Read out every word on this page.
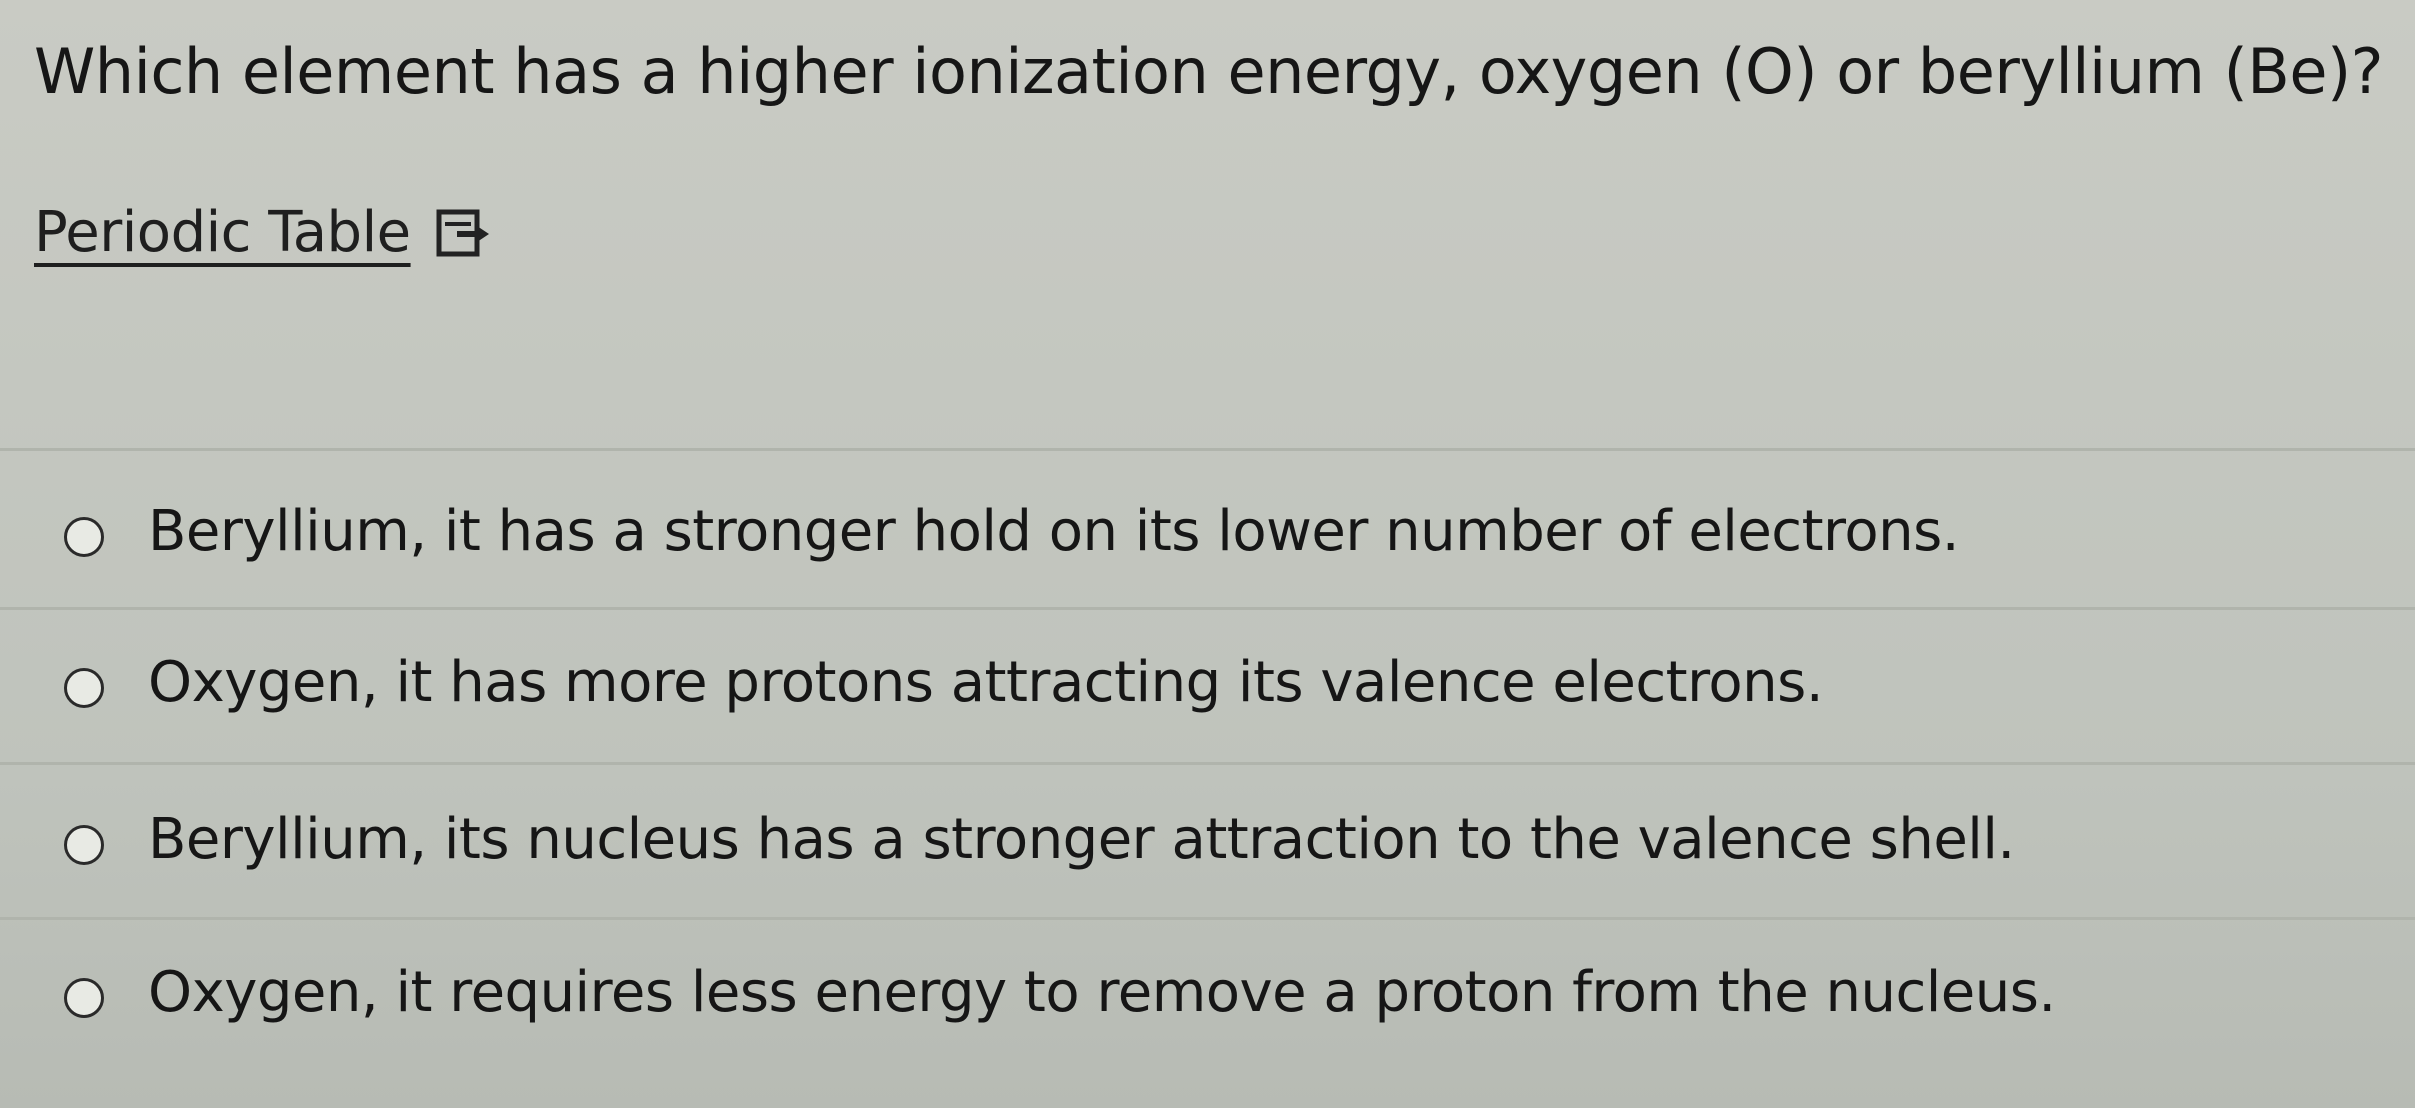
Which element has a higher ionization energy, oxygen (O) or beryllium (Be)?
Periodic Table
Beryllium, it has a stronger hold on its lower number of electrons.
Oxygen, it has more protons attracting its valence electrons.
Beryllium, its nucleus has a stronger attraction to the valence shell.
Oxygen, it requires less energy to remove a proton from the nucleus.
